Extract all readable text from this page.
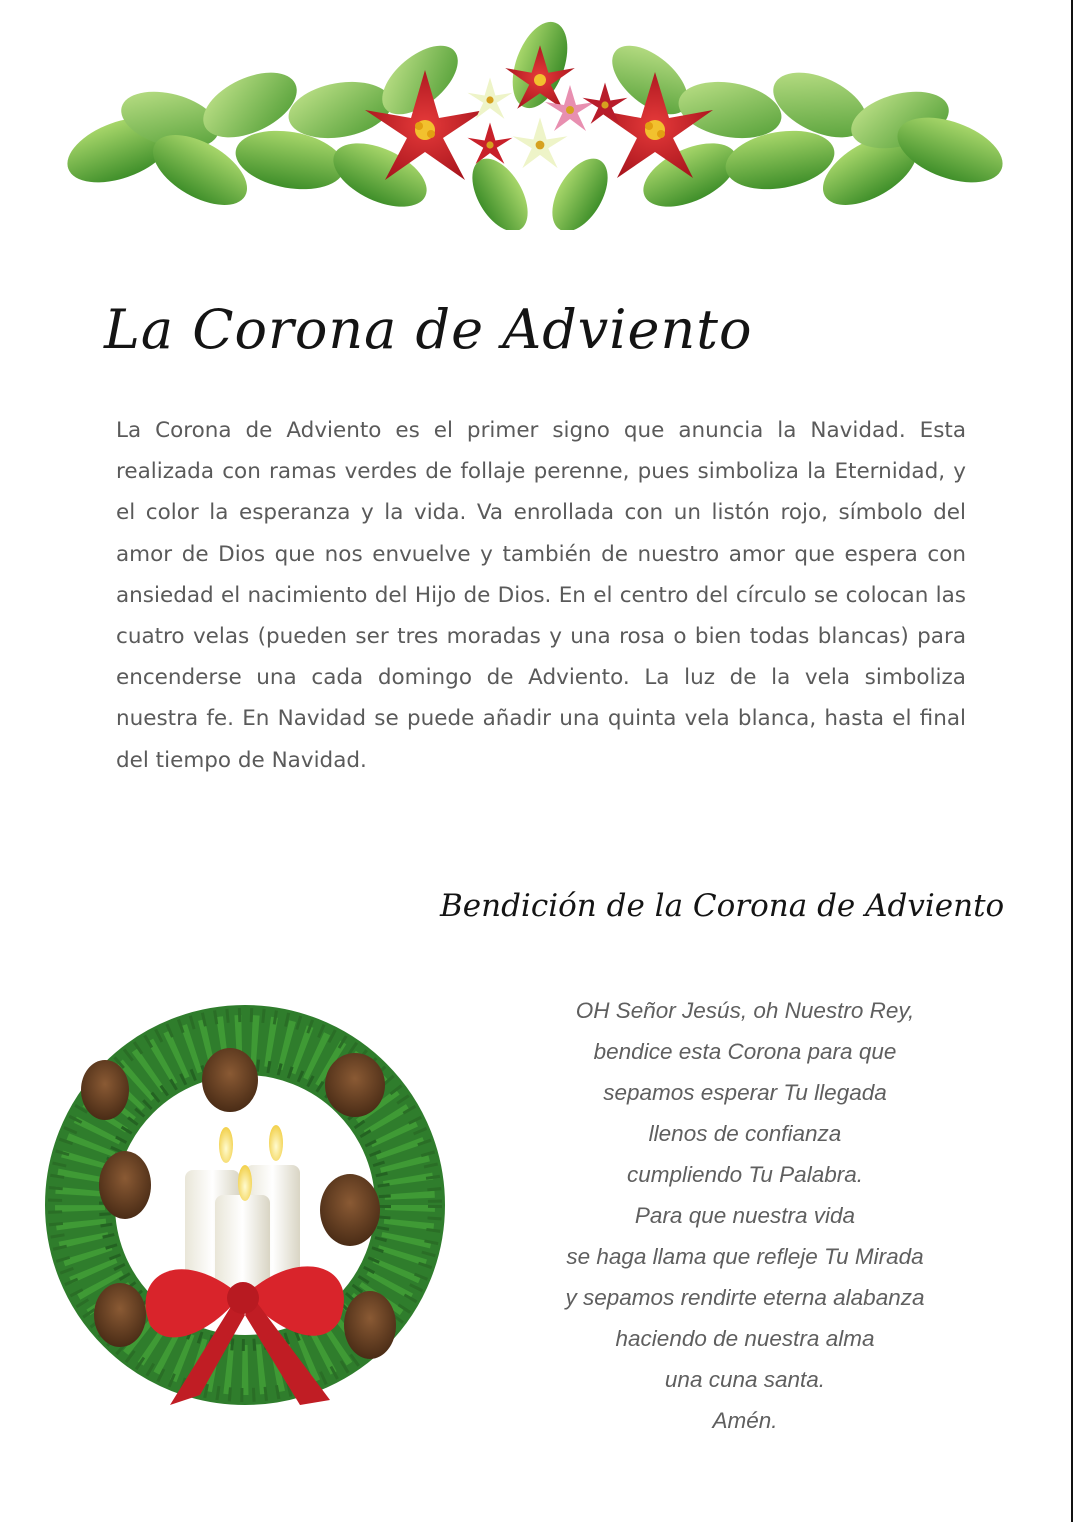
La Corona de Adviento

La Corona de Adviento es el primer signo que anuncia la Navidad. Esta realizada con ramas verdes de follaje perenne, pues simboliza la Eternidad, y el color la esperanza y la vida. Va enrollada con un listón rojo, símbolo del amor de Dios que nos envuelve y también de nuestro amor que espera con ansiedad el nacimiento del Hijo de Dios. En el centro del círculo se colocan las cuatro velas (pueden ser tres moradas y una rosa o bien todas blancas) para encenderse una cada domingo de Adviento. La luz de la vela simboliza nuestra fe. En Navidad se puede añadir una quinta vela blanca, hasta el final del tiempo de Navidad.

Bendición de la Corona de Adviento
OH Señor Jesús, oh Nuestro Rey,
bendice esta Corona para que
sepamos esperar Tu llegada
llenos de confianza
cumpliendo Tu Palabra.
Para que nuestra vida
se haga llama que refleje Tu Mirada
y sepamos rendirte eterna alabanza
haciendo de nuestra alma
una cuna santa.
Amén.
